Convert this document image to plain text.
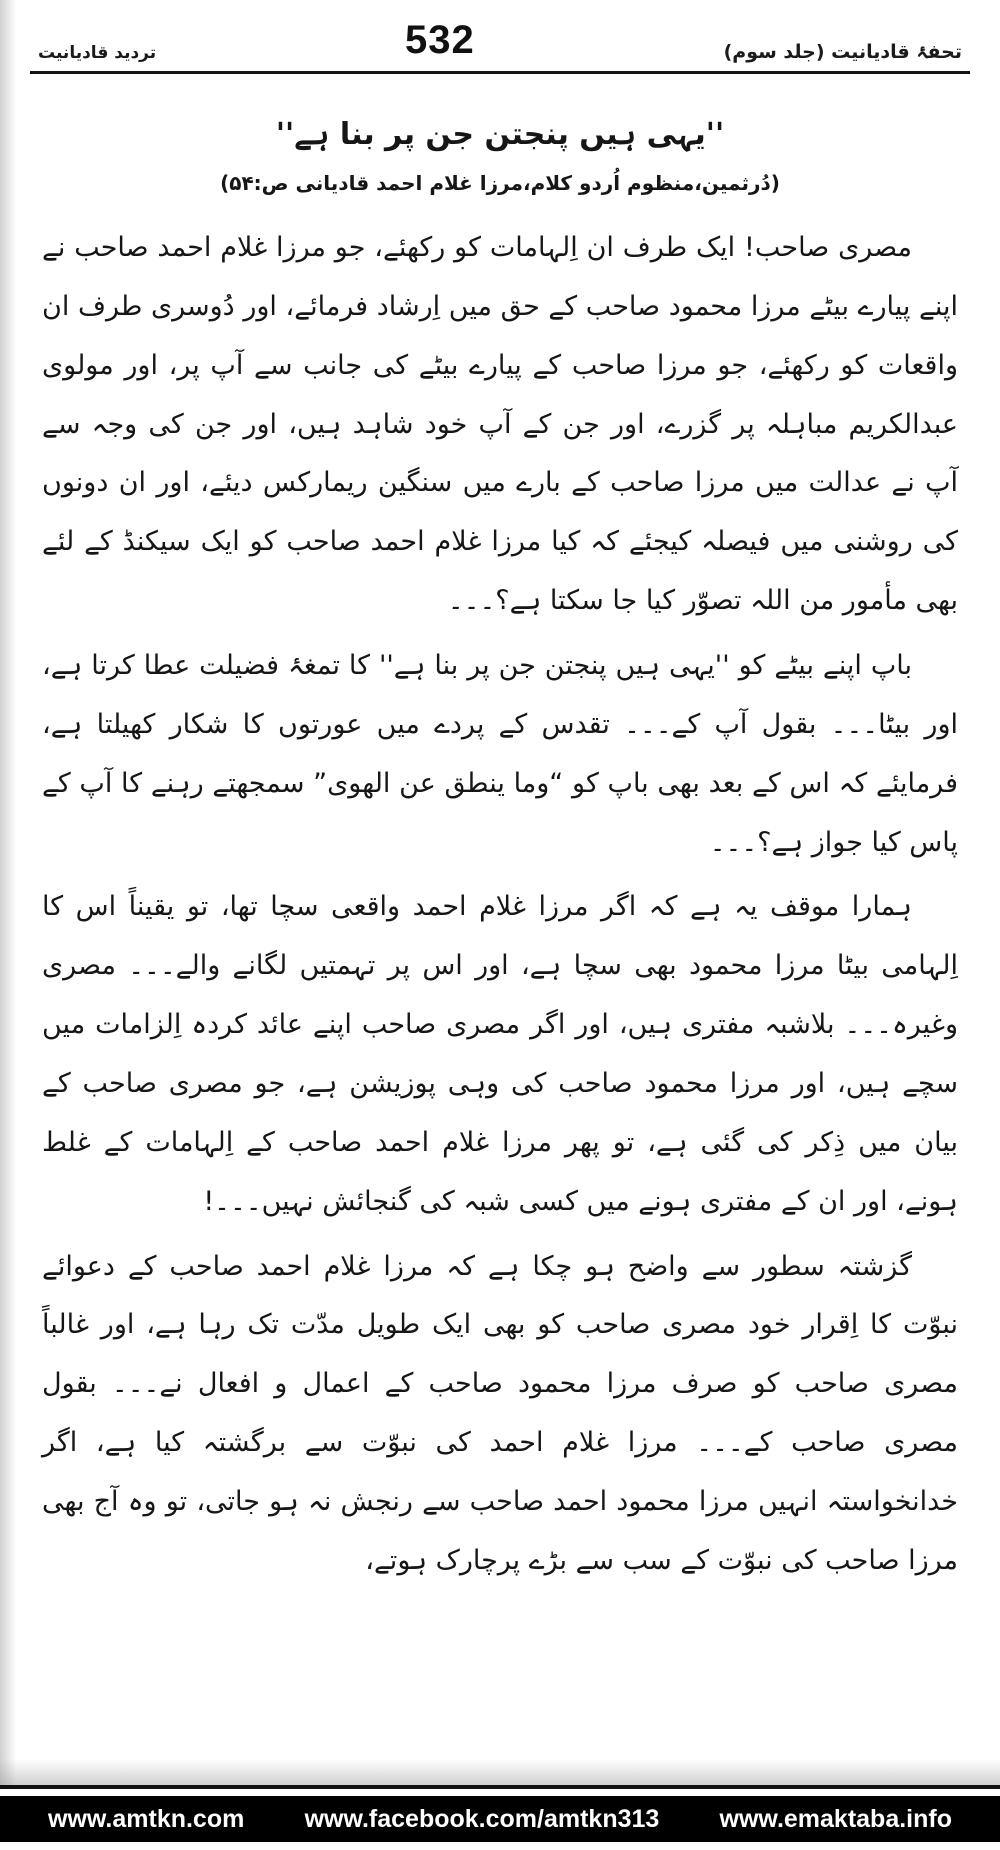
تردید قادیانیت	532	تحفۂ قادیانیت (جلد سوم)
''یہی ہیں پنجتن جن پر بنا ہے''
(دُرثمین،منظوم اُردو کلام،مرزا غلام احمد قادیانی ص:۵۴)

مصری صاحب! ایک طرف ان اِلہامات کو رکھئے، جو مرزا غلام احمد صاحب نے اپنے پیارے بیٹے مرزا محمود صاحب کے حق میں اِرشاد فرمائے، اور دُوسری طرف ان واقعات کو رکھئے، جو مرزا صاحب کے پیارے بیٹے کی جانب سے آپ پر، اور مولوی عبدالکریم مباہلہ پر گزرے، اور جن کے آپ خود شاہد ہیں، اور جن کی وجہ سے آپ نے عدالت میں مرزا صاحب کے بارے میں سنگین ریمارکس دیئے، اور ان دونوں کی روشنی میں فیصلہ کیجئے کہ کیا مرزا غلام احمد صاحب کو ایک سیکنڈ کے لئے بھی مأمور من اللہ تصوّر کیا جا سکتا ہے؟۔۔۔

باپ اپنے بیٹے کو ''یہی ہیں پنجتن جن پر بنا ہے'' کا تمغۂ فضیلت عطا کرتا ہے، اور بیٹا۔۔۔ بقول آپ کے۔۔۔ تقدس کے پردے میں عورتوں کا شکار کھیلتا ہے، فرمایئے کہ اس کے بعد بھی باپ کو “وما ینطق عن الھوی” سمجھتے رہنے کا آپ کے پاس کیا جواز ہے؟۔۔۔

ہمارا موقف یہ ہے کہ اگر مرزا غلام احمد واقعی سچا تھا، تو یقیناً اس کا اِلہامی بیٹا مرزا محمود بھی سچا ہے، اور اس پر تہمتیں لگانے والے۔۔۔ مصری وغیرہ۔۔۔ بلاشبہ مفتری ہیں، اور اگر مصری صاحب اپنے عائد کردہ اِلزامات میں سچے ہیں، اور مرزا محمود صاحب کی وہی پوزیشن ہے، جو مصری صاحب کے بیان میں ذِکر کی گئی ہے، تو پھر مرزا غلام احمد صاحب کے اِلہامات کے غلط ہونے، اور ان کے مفتری ہونے میں کسی شبہ کی گنجائش نہیں۔۔۔!

گزشتہ سطور سے واضح ہو چکا ہے کہ مرزا غلام احمد صاحب کے دعوائے نبوّت کا اِقرار خود مصری صاحب کو بھی ایک طویل مدّت تک رہا ہے، اور غالباً مصری صاحب کو صرف مرزا محمود صاحب کے اعمال و افعال نے۔۔۔ بقول مصری صاحب کے۔۔۔ مرزا غلام احمد کی نبوّت سے برگشتہ کیا ہے، اگر خدانخواستہ انہیں مرزا محمود احمد صاحب سے رنجش نہ ہو جاتی، تو وہ آج بھی مرزا صاحب کی نبوّت کے سب سے بڑے پرچارک ہوتے،

www.amtkn.com www.facebook.com/amtkn313 www.emaktaba.info
